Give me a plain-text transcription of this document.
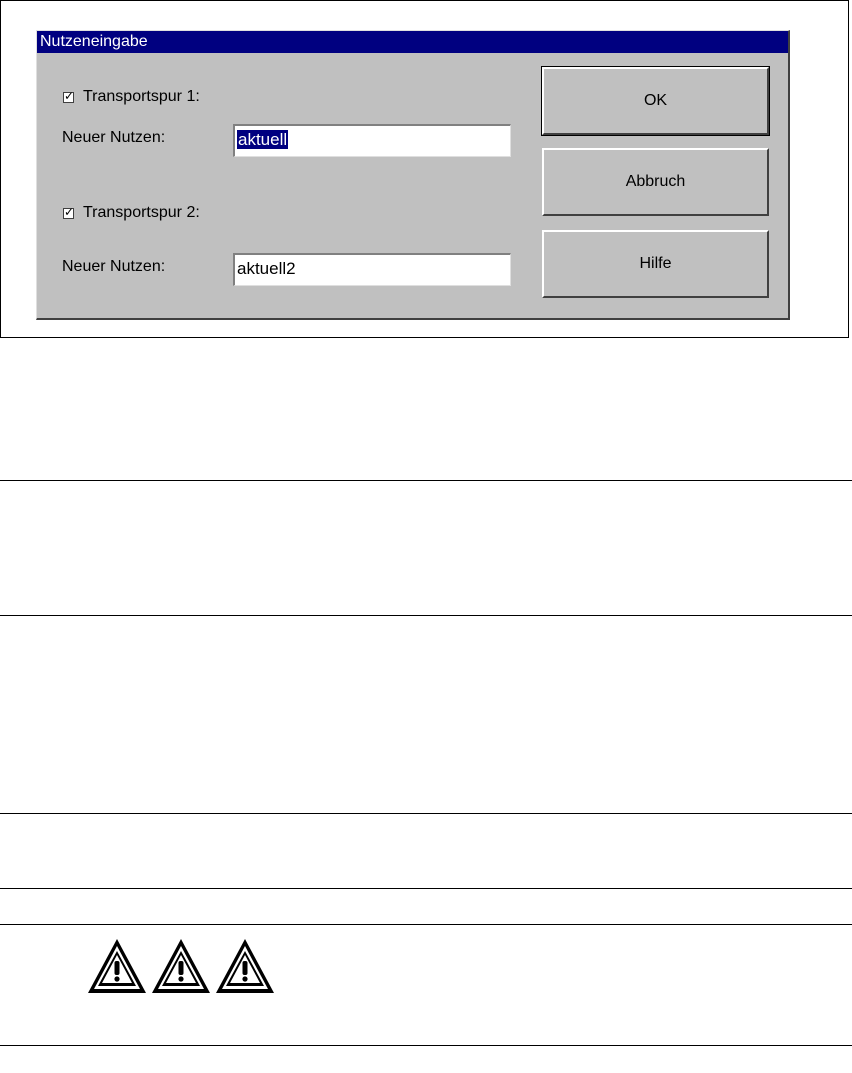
Nutzeneingabe
✓ Transportspur 1:
Neuer Nutzen:	aktuell
✓ Transportspur 2:
Neuer Nutzen:	aktuell2
OK
Abbruch
Hilfe
